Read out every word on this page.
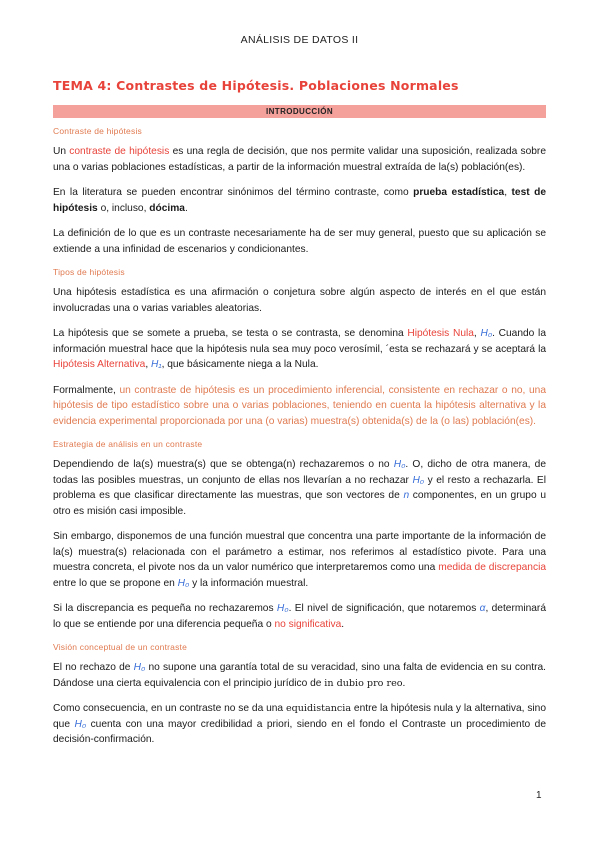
ANÁLISIS DE DATOS II
TEMA 4: Contrastes de Hipótesis. Poblaciones Normales
INTRODUCCIÓN
Contraste de hipótesis

Un contraste de hipótesis es una regla de decisión, que nos permite validar una suposición, realizada sobre una o varias poblaciones estadísticas, a partir de la información muestral extraída de la(s) población(es).

En la literatura se pueden encontrar sinónimos del término contraste, como prueba estadística, test de hipótesis o, incluso, dócima.

La definición de lo que es un contraste necesariamente ha de ser muy general, puesto que su aplicación se extiende a una infinidad de escenarios y condicionantes.

Tipos de hipótesis

Una hipótesis estadística es una afirmación o conjetura sobre algún aspecto de interés en el que están involucradas una o varias variables aleatorias.

La hipótesis que se somete a prueba, se testa o se contrasta, se denomina Hipótesis Nula, H₀. Cuando la información muestral hace que la hipótesis nula sea muy poco verosímil, ´esta se rechazará y se aceptará la Hipótesis Alternativa, H₁, que básicamente niega a la Nula.

Formalmente, un contraste de hipótesis es un procedimiento inferencial, consistente en rechazar o no, una hipótesis de tipo estadístico sobre una o varias poblaciones, teniendo en cuenta la hipótesis alternativa y la evidencia experimental proporcionada por una (o varias) muestra(s) obtenida(s) de la (o las) población(es).

Estrategia de análisis en un contraste

Dependiendo de la(s) muestra(s) que se obtenga(n) rechazaremos o no H₀. O, dicho de otra manera, de todas las posibles muestras, un conjunto de ellas nos llevarían a no rechazar H₀ y el resto a rechazarla. El problema es que clasificar directamente las muestras, que son vectores de n componentes, en un grupo u otro es misión casi imposible.

Sin embargo, disponemos de una función muestral que concentra una parte importante de la información de la(s) muestra(s) relacionada con el parámetro a estimar, nos referimos al estadístico pivote. Para una muestra concreta, el pivote nos da un valor numérico que interpretaremos como una medida de discrepancia entre lo que se propone en H₀ y la información muestral.

Si la discrepancia es pequeña no rechazaremos H₀. El nivel de significación, que notaremos α, determinará lo que se entiende por una diferencia pequeña o no significativa.

Visión conceptual de un contraste

El no rechazo de H₀ no supone una garantía total de su veracidad, sino una falta de evidencia en su contra. Dándose una cierta equivalencia con el principio jurídico de in dubio pro reo.

Como consecuencia, en un contraste no se da una equidistancia entre la hipótesis nula y la alternativa, sino que H₀ cuenta con una mayor credibilidad a priori, siendo en el fondo el Contraste un procedimiento de decisión-confirmación.

1
